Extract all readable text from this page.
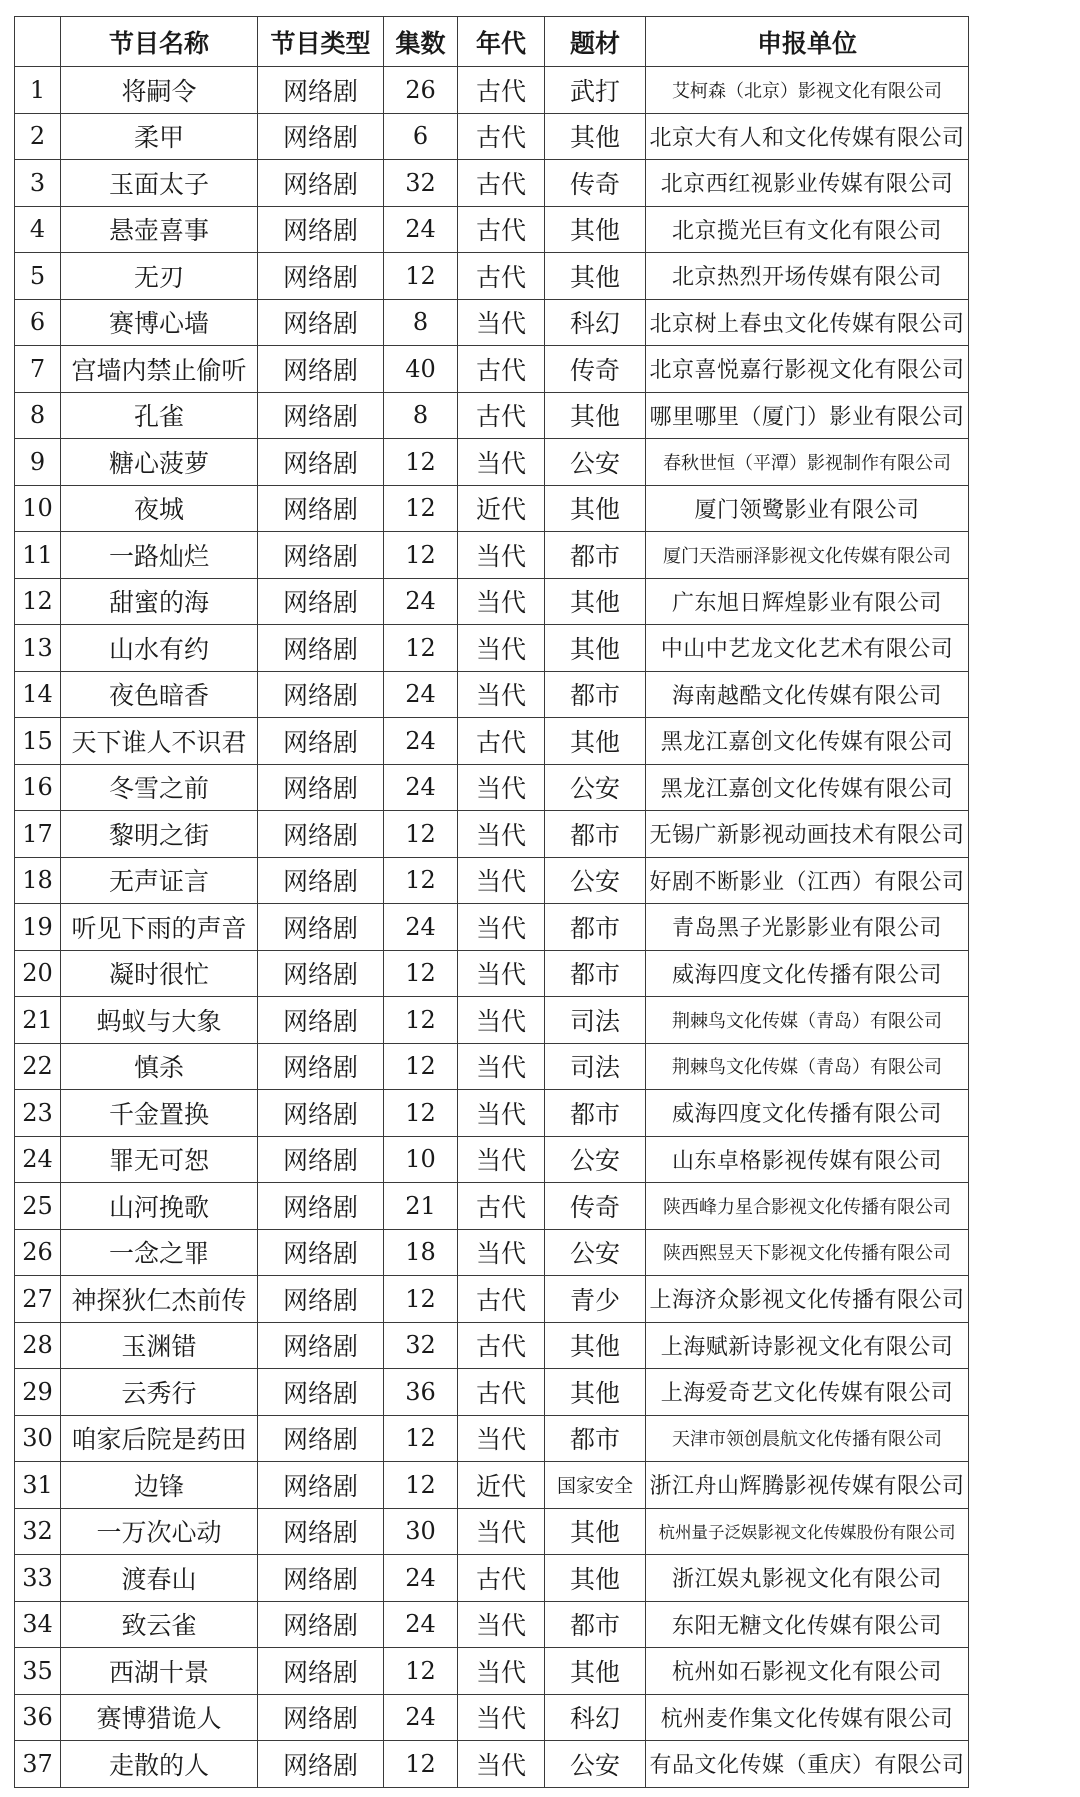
	节目名称	节目类型	集数	年代	题材	申报单位
1	将嗣令	网络剧	26	古代	武打	艾柯森（北京）影视文化有限公司
2	柔甲	网络剧	6	古代	其他	北京大有人和文化传媒有限公司
3	玉面太子	网络剧	32	古代	传奇	北京西红视影业传媒有限公司
4	悬壶喜事	网络剧	24	古代	其他	北京揽光巨有文化有限公司
5	无刃	网络剧	12	古代	其他	北京热烈开场传媒有限公司
6	赛博心墙	网络剧	8	当代	科幻	北京树上春虫文化传媒有限公司
7	宫墙内禁止偷听	网络剧	40	古代	传奇	北京喜悦嘉行影视文化有限公司
8	孔雀	网络剧	8	古代	其他	哪里哪里（厦门）影业有限公司
9	糖心菠萝	网络剧	12	当代	公安	春秋世恒（平潭）影视制作有限公司
10	夜城	网络剧	12	近代	其他	厦门领鹭影业有限公司
11	一路灿烂	网络剧	12	当代	都市	厦门天浩丽泽影视文化传媒有限公司
12	甜蜜的海	网络剧	24	当代	其他	广东旭日辉煌影业有限公司
13	山水有约	网络剧	12	当代	其他	中山中艺龙文化艺术有限公司
14	夜色暗香	网络剧	24	当代	都市	海南越酷文化传媒有限公司
15	天下谁人不识君	网络剧	24	古代	其他	黑龙江嘉创文化传媒有限公司
16	冬雪之前	网络剧	24	当代	公安	黑龙江嘉创文化传媒有限公司
17	黎明之街	网络剧	12	当代	都市	无锡广新影视动画技术有限公司
18	无声证言	网络剧	12	当代	公安	好剧不断影业（江西）有限公司
19	听见下雨的声音	网络剧	24	当代	都市	青岛黑子光影影业有限公司
20	凝时很忙	网络剧	12	当代	都市	威海四度文化传播有限公司
21	蚂蚁与大象	网络剧	12	当代	司法	荆棘鸟文化传媒（青岛）有限公司
22	慎杀	网络剧	12	当代	司法	荆棘鸟文化传媒（青岛）有限公司
23	千金置换	网络剧	12	当代	都市	威海四度文化传播有限公司
24	罪无可恕	网络剧	10	当代	公安	山东卓格影视传媒有限公司
25	山河挽歌	网络剧	21	古代	传奇	陕西峰力星合影视文化传播有限公司
26	一念之罪	网络剧	18	当代	公安	陕西熙昱天下影视文化传播有限公司
27	神探狄仁杰前传	网络剧	12	古代	青少	上海济众影视文化传播有限公司
28	玉渊错	网络剧	32	古代	其他	上海赋新诗影视文化有限公司
29	云秀行	网络剧	36	古代	其他	上海爱奇艺文化传媒有限公司
30	咱家后院是药田	网络剧	12	当代	都市	天津市领创晨航文化传播有限公司
31	边锋	网络剧	12	近代	国家安全	浙江舟山辉腾影视传媒有限公司
32	一万次心动	网络剧	30	当代	其他	杭州量子泛娱影视文化传媒股份有限公司
33	渡春山	网络剧	24	古代	其他	浙江娱丸影视文化有限公司
34	致云雀	网络剧	24	当代	都市	东阳无糖文化传媒有限公司
35	西湖十景	网络剧	12	当代	其他	杭州如石影视文化有限公司
36	赛博猎诡人	网络剧	24	当代	科幻	杭州麦作集文化传媒有限公司
37	走散的人	网络剧	12	当代	公安	有品文化传媒（重庆）有限公司
